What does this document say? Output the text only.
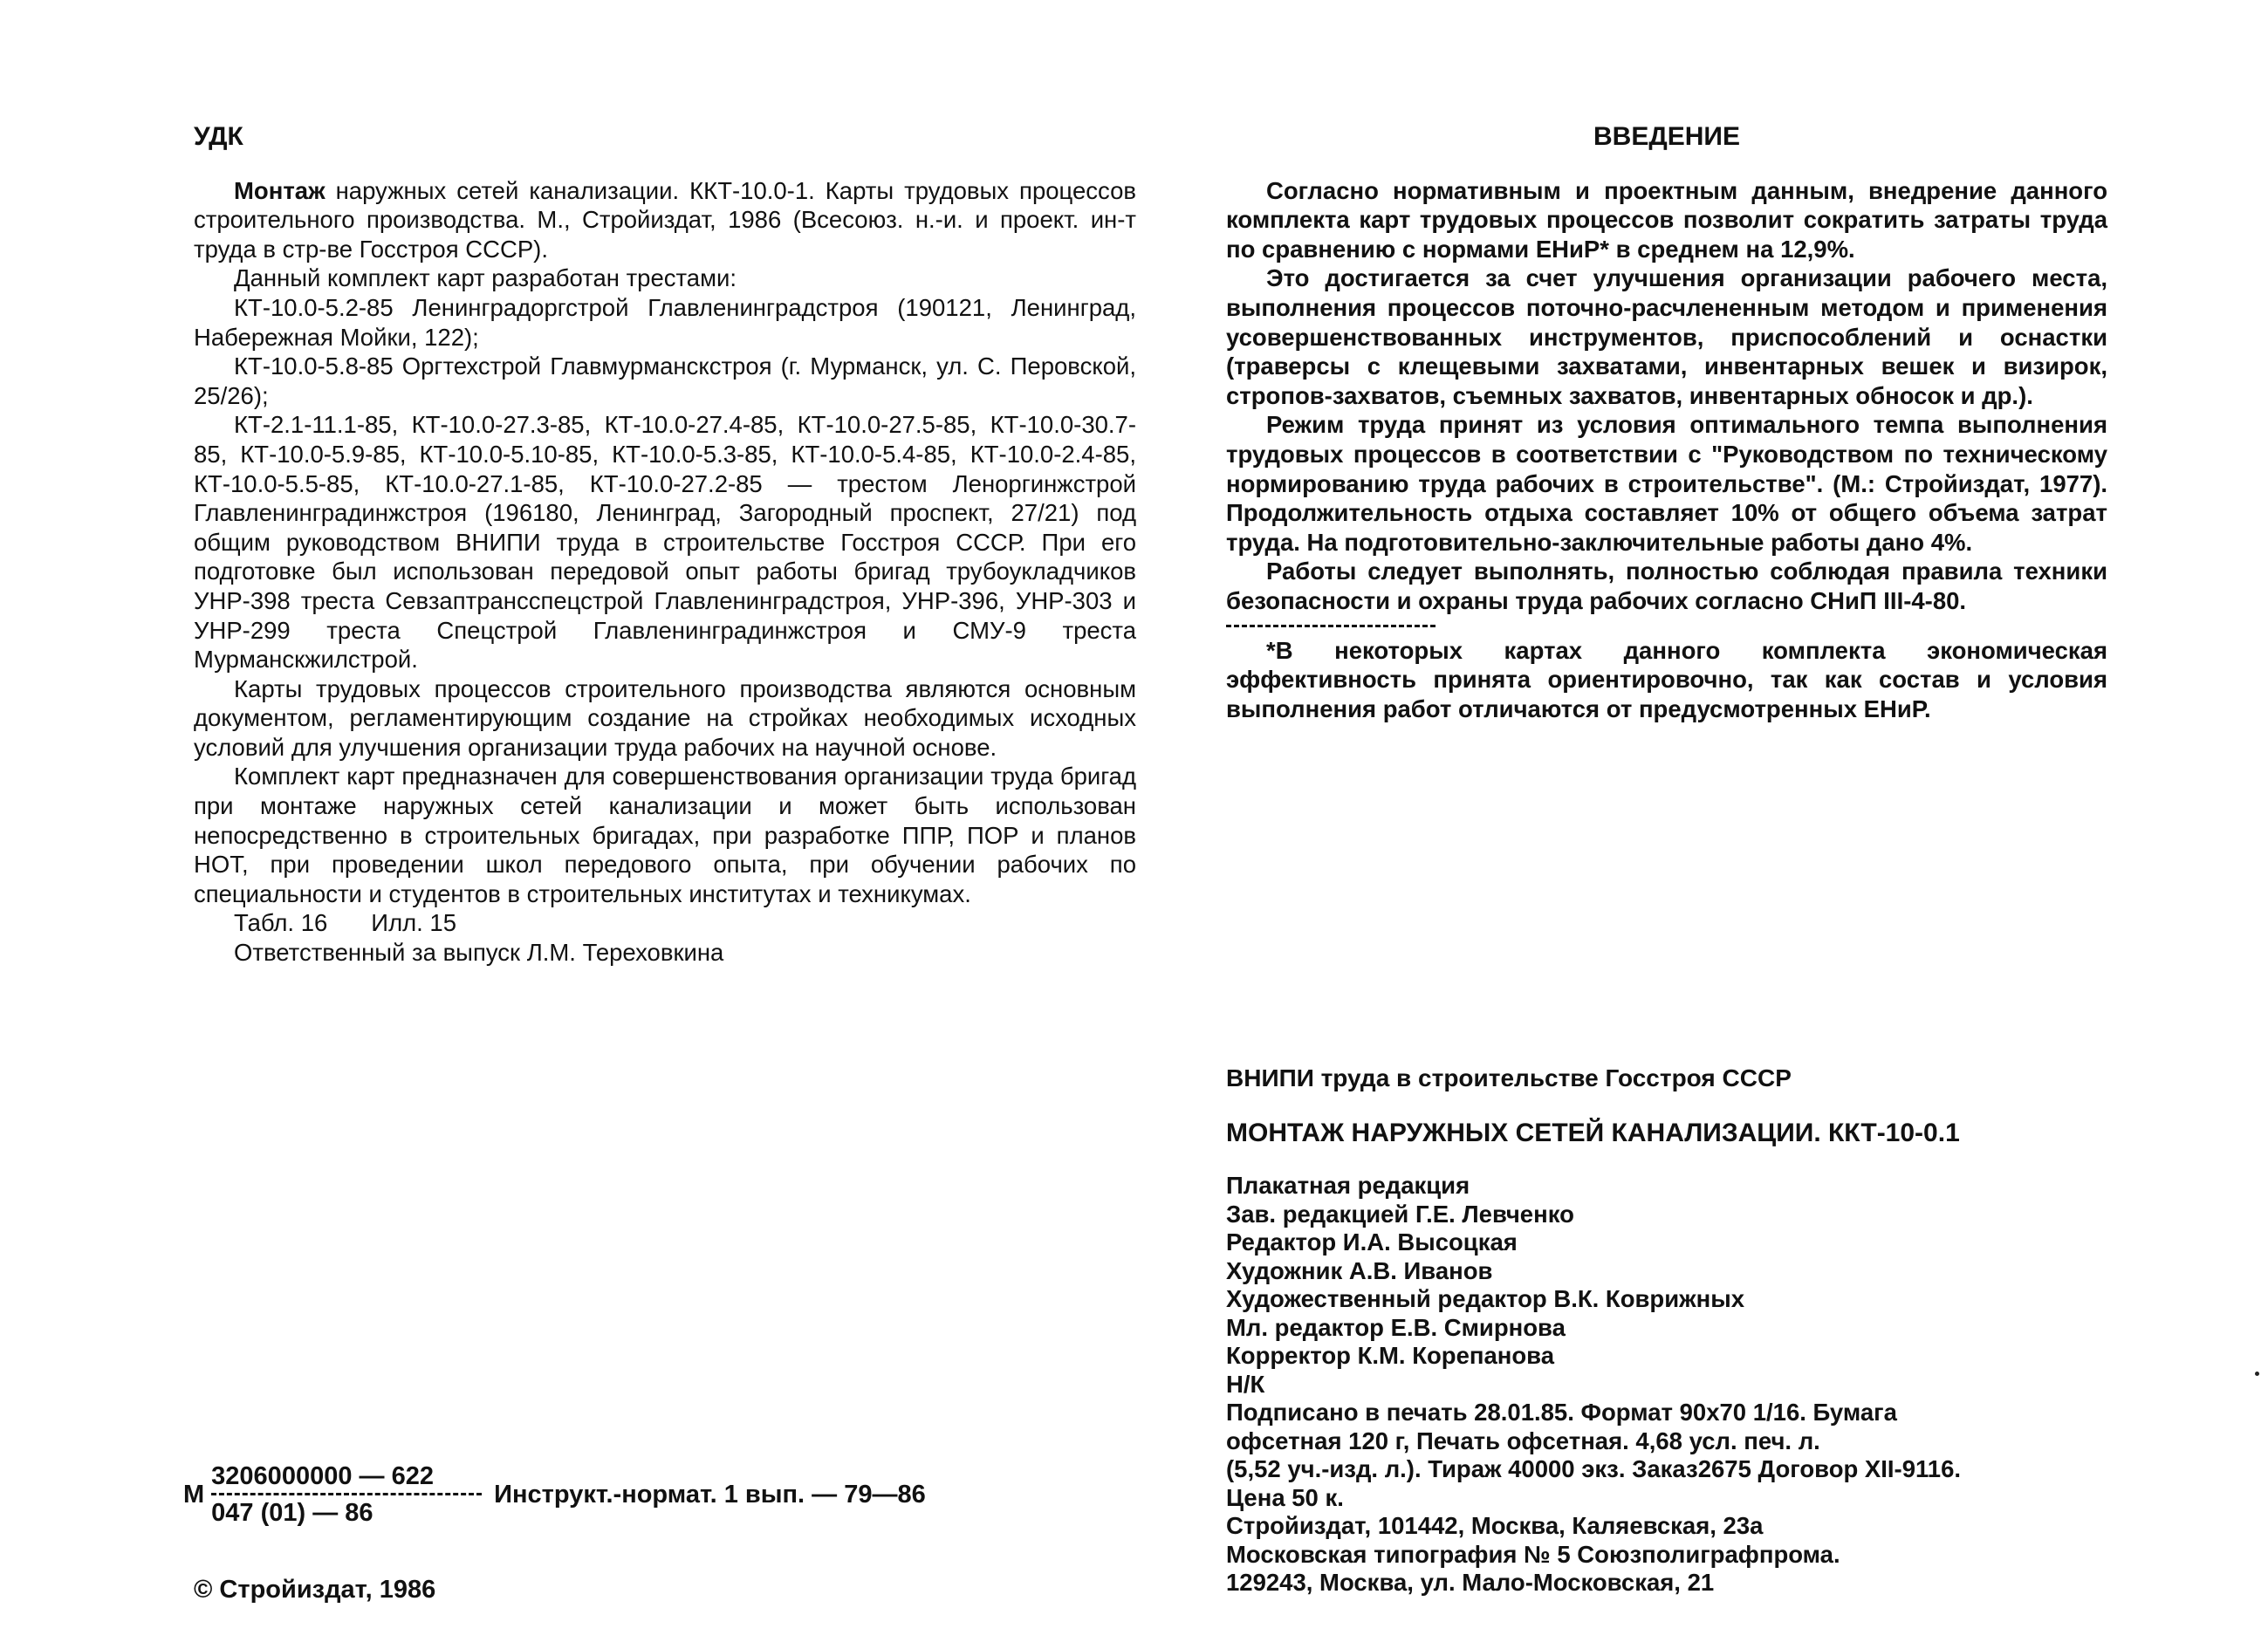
УДК

Монтаж наружных сетей канализации. ККТ-10.0-1. Карты трудовых процессов строительного производства. М., Стройиздат, 1986 (Всесоюз. н.-и. и проект. ин-т труда в стр-ве Госстроя СССР).

Данный комплект карт разработан трестами:

КТ-10.0-5.2-85 Ленинградоргстрой Главленинградстроя (190121, Ленинград, Набережная Мойки, 122);

КТ-10.0-5.8-85 Оргтехстрой Главмурманскстроя (г. Мурманск, ул. С. Перовской, 25/26);

КТ-2.1-11.1-85, КТ-10.0-27.3-85, КТ-10.0-27.4-85, КТ-10.0-27.5-85, КТ-10.0-30.7-85, КТ-10.0-5.9-85, КТ-10.0-5.10-85, КТ-10.0-5.3-85, КТ-10.0-5.4-85, КТ-10.0-2.4-85, КТ-10.0-5.5-85, КТ-10.0-27.1-85, КТ-10.0-27.2-85 — трестом Леноргинжстрой Главленинградинжстроя (196180, Ленинград, Загородный проспект, 27/21) под общим руководством ВНИПИ труда в строительстве Госстроя СССР. При его подготовке был использован передовой опыт работы бригад трубоукладчиков УНР-398 треста Севзаптрансспецстрой Главленинградстроя, УНР-396, УНР-303 и УНР-299 треста Спецстрой Главленинградинжстроя и СМУ-9 треста Мурманскжилстрой.

Карты трудовых процессов строительного производства являются основным документом, регламентирующим создание на стройках необходимых исходных условий для улучшения организации труда рабочих на научной основе.

Комплект карт предназначен для совершенствования организации труда бригад при монтаже наружных сетей канализации и может быть использован непосредственно в строительных бригадах, при разработке ППР, ПОР и планов НОТ, при проведении школ передового опыта, при обучении рабочих по специальности и студентов в строительных институтах и техникумах.

Табл. 16 Илл. 15

Ответственный за выпуск Л.М. Тереховкина

М $\frac{3206000000 — 622}{047 (01) — 86}$ Инструкт.-нормат. 1 вып. — 79—86
© Стройиздат, 1986
ВВЕДЕНИЕ

Согласно нормативным и проектным данным, внедрение данного комплекта карт трудовых процессов позволит сократить затраты труда по сравнению с нормами ЕНиР* в среднем на 12,9%.

Это достигается за счет улучшения организации рабочего места, выполнения процессов поточно-расчлененным методом и применения усовершенствованных инструментов, приспособлений и оснастки (траверсы с клещевыми захватами, инвентарных вешек и визирок, стропов-захватов, съемных захватов, инвентарных обносок и др.).

Режим труда принят из условия оптимального темпа выполнения трудовых процессов в соответствии с "Руководством по техническому нормированию труда рабочих в строительстве". (М.: Стройиздат, 1977). Продолжительность отдыха составляет 10% от общего объема затрат труда. На подготовительно-заключительные работы дано 4%.

Работы следует выполнять, полностью соблюдая правила техники безопасности и охраны труда рабочих согласно СНиП III-4-80.

*В некоторых картах данного комплекта экономическая эффективность принята ориентировочно, так как состав и условия выполнения работ отличаются от предусмотренных ЕНиР.

ВНИПИ труда в строительстве Госстроя СССР
МОНТАЖ НАРУЖНЫХ СЕТЕЙ КАНАЛИЗАЦИИ. ККТ-10-0.1
Плакатная редакция
Зав. редакцией Г.Е. Левченко
Редактор И.А. Высоцкая
Художник А.В. Иванов
Художественный редактор В.К. Коврижных
Мл. редактор Е.В. Смирнова
Корректор К.М. Корепанова
Н/К
Подписано в печать 28.01.85. Формат 90х70 1/16. Бумага
офсетная 120 г, Печать офсетная. 4,68 усл. печ. л.
(5,52 уч.-изд. л.). Тираж 40000 экз. Заказ2675 Договор XII-9116.
Цена 50 к.
Стройиздат, 101442, Москва, Каляевская, 23а
Московская типография № 5 Союзполиграфпрома.
129243, Москва, ул. Мало-Московская, 21
